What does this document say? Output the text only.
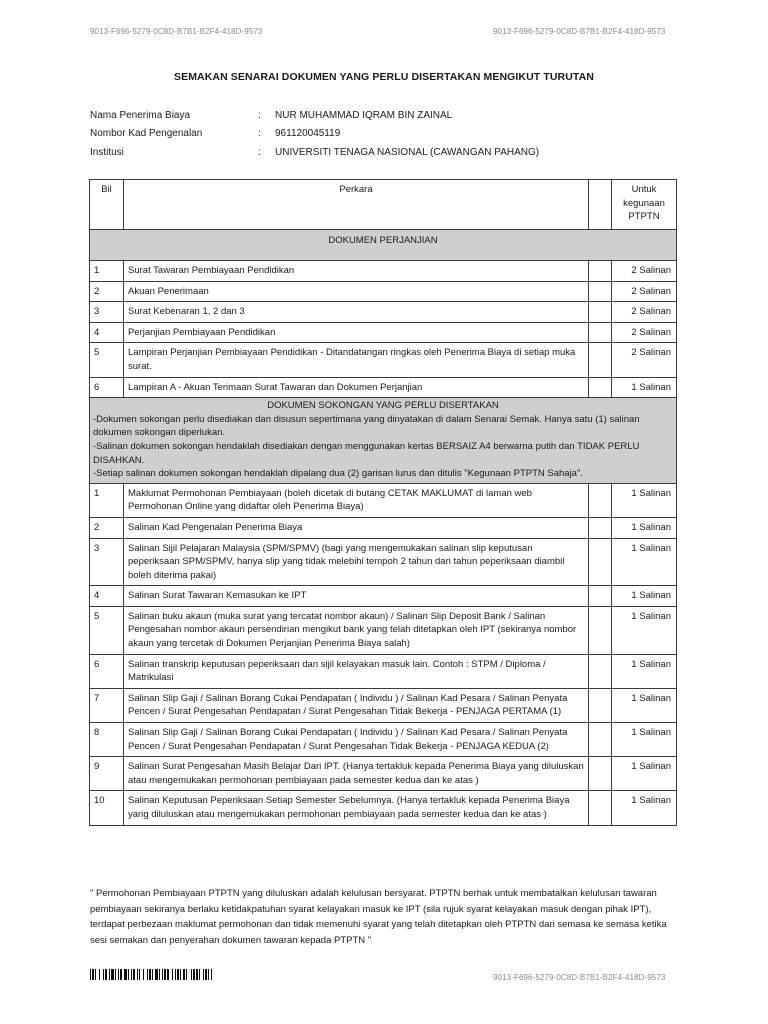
9013-F696-5279-0C8D-B7B1-B2F4-418D-9573	9013-F696-5279-0C8D-B7B1-B2F4-418D-9573
SEMAKAN SENARAI DOKUMEN YANG PERLU DISERTAKAN MENGIKUT TURUTAN
Nama Penerima Biaya	:	NUR MUHAMMAD IQRAM BIN ZAINAL
Nombor Kad Pengenalan	:	961120045119
Institusi	:	UNIVERSITI TENAGA NASIONAL (CAWANGAN PAHANG)
Bil	Perkara		Untuk
kegunaan
PTPTN

DOKUMEN PERJANJIAN			

1	Surat Tawaran Pembiayaan Pendidikan		2 Salinan
2	Akuan Penerimaan		2 Salinan
3	Surat Kebenaran 1, 2 dan 3		2 Salinan
4	Perjanjian Pembiayaan Pendidikan		2 Salinan
5	Lampiran Perjanjian Pembiayaan Pendidikan - Ditandatangan ringkas oleh Penerima Biaya di setiap muka surat.		2 Salinan
6	Lampiran A - Akuan Terimaan Surat Tawaran dan Dokumen Perjanjian		1 Salinan

DOKUMEN SOKONGAN YANG PERLU DISERTAKAN
-Dokumen sokongan perlu disediakan dan disusun sepertimana yang dinyatakan di dalam Senarai Semak. Hanya satu (1) salinan dokumen sokongan diperlukan.
-Salinan dokumen sokongan hendaklah disediakan dengan menggunakan kertas BERSAIZ A4 berwarna putih dan TIDAK PERLU DISAHKAN.
-Setiap salinan dokumen sokongan hendaklah dipalang dua (2) garisan lurus dan ditulis "Kegunaan PTPTN Sahaja".			

1	Maklumat Permohonan Pembiayaan (boleh dicetak di butang CETAK MAKLUMAT di laman web Permohonan Online yang didaftar oleh Penerima Biaya)		1 Salinan
2	Salinan Kad Pengenalan Penerima Biaya		1 Salinan
3	Salinan Sijil Pelajaran Malaysia (SPM/SPMV) (bagi yang mengemukakan salinan slip keputusan peperiksaan SPM/SPMV, hanya slip yang tidak melebihi tempoh 2 tahun dari tahun peperiksaan diambil boleh diterima pakai)		1 Salinan
4	Salinan Surat Tawaran Kemasukan ke IPT		1 Salinan
5	Salinan buku akaun (muka surat yang tercatat nombor akaun) / Salinan Slip Deposit Bank / Salinan Pengesahan nombor akaun persendirian mengikut bank yang telah ditetapkan oleh IPT (sekiranya nombor akaun yang tercetak di Dokumen Perjanjian Penerima Biaya salah)		1 Salinan
6	Salinan transkrip keputusan peperiksaan dan sijil kelayakan masuk lain. Contoh : STPM / Diploma / Matrikulasi		1 Salinan
7	Salinan Slip Gaji / Salinan Borang Cukai Pendapatan ( Individu ) / Salinan Kad Pesara / Salinan Penyata Pencen / Surat Pengesahan Pendapatan / Surat Pengesahan Tidak Bekerja - PENJAGA PERTAMA (1)		1 Salinan
8	Salinan Slip Gaji / Salinan Borang Cukai Pendapatan ( Individu ) / Salinan Kad Pesara / Salinan Penyata Pencen / Surat Pengesahan Pendapatan / Surat Pengesahan Tidak Bekerja - PENJAGA KEDUA (2)		1 Salinan
9	Salinan Surat Pengesahan Masih Belajar Dari IPT. (Hanya tertakluk kepada Penerima Biaya yang diluluskan atau mengemukakan permohonan pembiayaan pada semester kedua dan ke atas )		1 Salinan
10	Salinan Keputusan Peperiksaan Setiap Semester Sebelumnya. (Hanya tertakluk kepada Penerima Biaya yang diluluskan atau mengemukakan permohonan pembiayaan pada semester kedua dan ke atas )		1 Salinan
" Permohonan Pembiayaan PTPTN yang diluluskan adalah kelulusan bersyarat. PTPTN berhak untuk membatalkan kelulusan tawaran pembiayaan sekiranya berlaku ketidakpatuhan syarat kelayakan masuk ke IPT (sila rujuk syarat kelayakan masuk dengan pihak IPT), terdapat perbezaan maklumat permohonan dan tidak memenuhi syarat yang telah ditetapkan oleh PTPTN dari semasa ke semasa ketika sesi semakan dan penyerahan dokumen tawaran kepada PTPTN "
9013-F696-5279-0C8D-B7B1-B2F4-418D-9573
